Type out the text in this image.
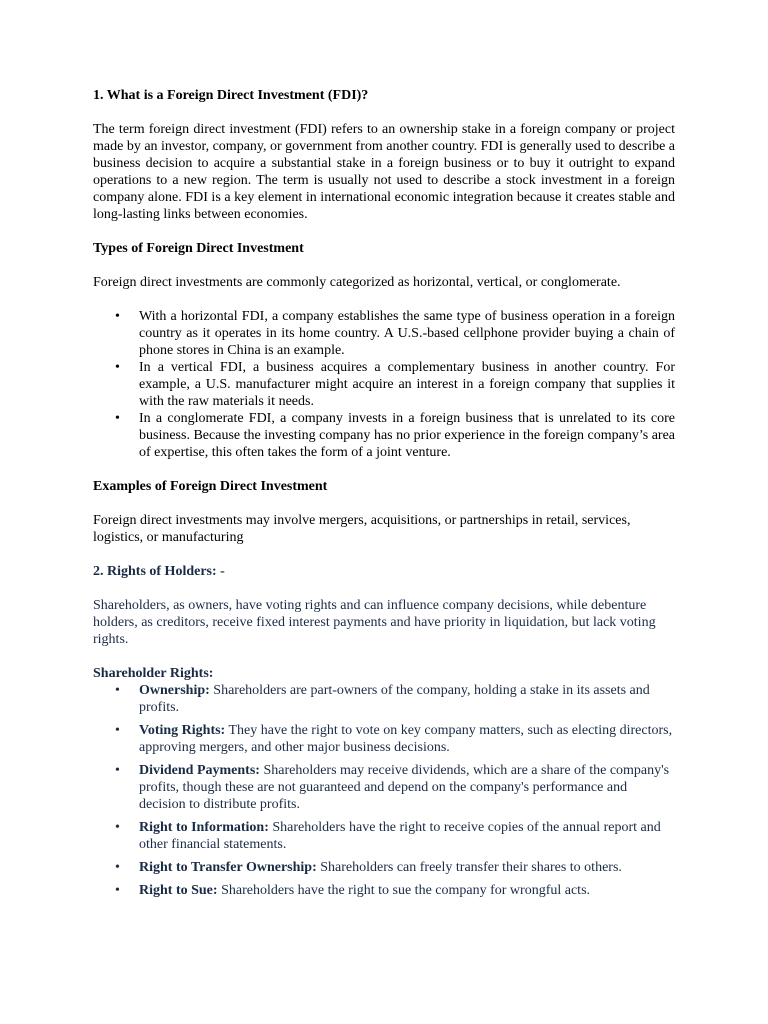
1. What is a Foreign Direct Investment (FDI)?

The term foreign direct investment (FDI) refers to an ownership stake in a foreign company or project made by an investor, company, or government from another country. FDI is generally used to describe a business decision to acquire a substantial stake in a foreign business or to buy it outright to expand operations to a new region. The term is usually not used to describe a stock investment in a foreign company alone. FDI is a key element in international economic integration because it creates stable and long-lasting links between economies.

Types of Foreign Direct Investment

Foreign direct investments are commonly categorized as horizontal, vertical, or conglomerate.

• With a horizontal FDI, a company establishes the same type of business operation in a foreign country as it operates in its home country. A U.S.-based cellphone provider buying a chain of phone stores in China is an example.
• In a vertical FDI, a business acquires a complementary business in another country. For example, a U.S. manufacturer might acquire an interest in a foreign company that supplies it with the raw materials it needs.
• In a conglomerate FDI, a company invests in a foreign business that is unrelated to its core business. Because the investing company has no prior experience in the foreign company’s area of expertise, this often takes the form of a joint venture.

Examples of Foreign Direct Investment

Foreign direct investments may involve mergers, acquisitions, or partnerships in retail, services, logistics, or manufacturing

2. Rights of Holders: -

Shareholders, as owners, have voting rights and can influence company decisions, while debenture holders, as creditors, receive fixed interest payments and have priority in liquidation, but lack voting rights.

Shareholder Rights:

• Ownership: Shareholders are part-owners of the company, holding a stake in its assets and profits.
• Voting Rights: They have the right to vote on key company matters, such as electing directors, approving mergers, and other major business decisions.
• Dividend Payments: Shareholders may receive dividends, which are a share of the company's profits, though these are not guaranteed and depend on the company's performance and decision to distribute profits.
• Right to Information: Shareholders have the right to receive copies of the annual report and other financial statements.
• Right to Transfer Ownership: Shareholders can freely transfer their shares to others.
• Right to Sue: Shareholders have the right to sue the company for wrongful acts.
